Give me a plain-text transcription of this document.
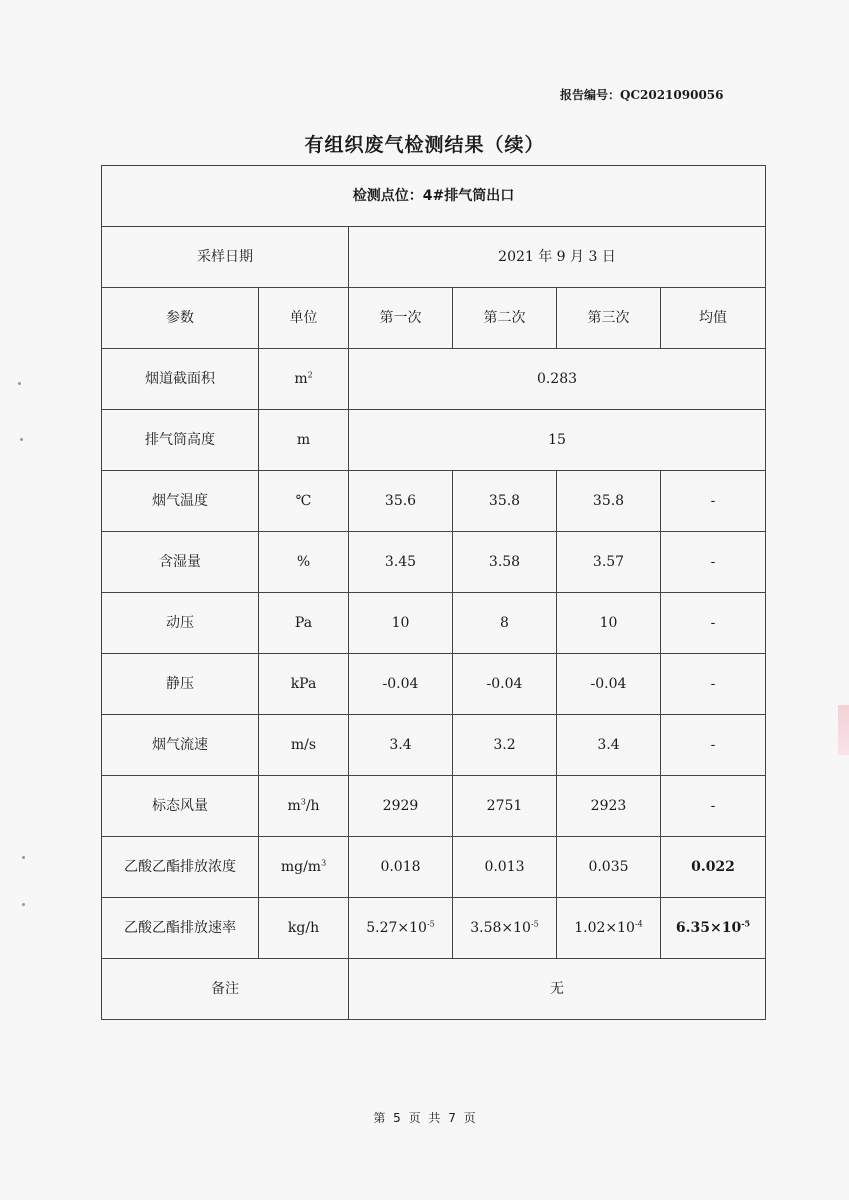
报告编号：QC2021090056
有组织废气检测结果（续）
检测点位：4#排气筒出口					
采样日期		2021 年 9 月 3 日			
参数	单位	第一次	第二次	第三次	均值
烟道截面积	$m^2$	0.283			
排气筒高度	m	15			
烟气温度	℃	35.6	35.8	35.8	-
含湿量	%	3.45	3.58	3.57	-
动压	Pa	10	8	10	-
静压	kPa	-0.04	-0.04	-0.04	-
烟气流速	m/s	3.4	3.2	3.4	-
标态风量	$m^3/h$	2929	2751	2923	-
乙酸乙酯排放浓度	$mg/m^3$	0.018	0.013	0.035	0.022
乙酸乙酯排放速率	kg/h	$5.27\times 10^{-5}$	$3.58\times 10^{-5}$	$1.02\times 10^{-4}$	$6.35\times 10^{-5}$
备注		无			
第 5 页 共 7 页
